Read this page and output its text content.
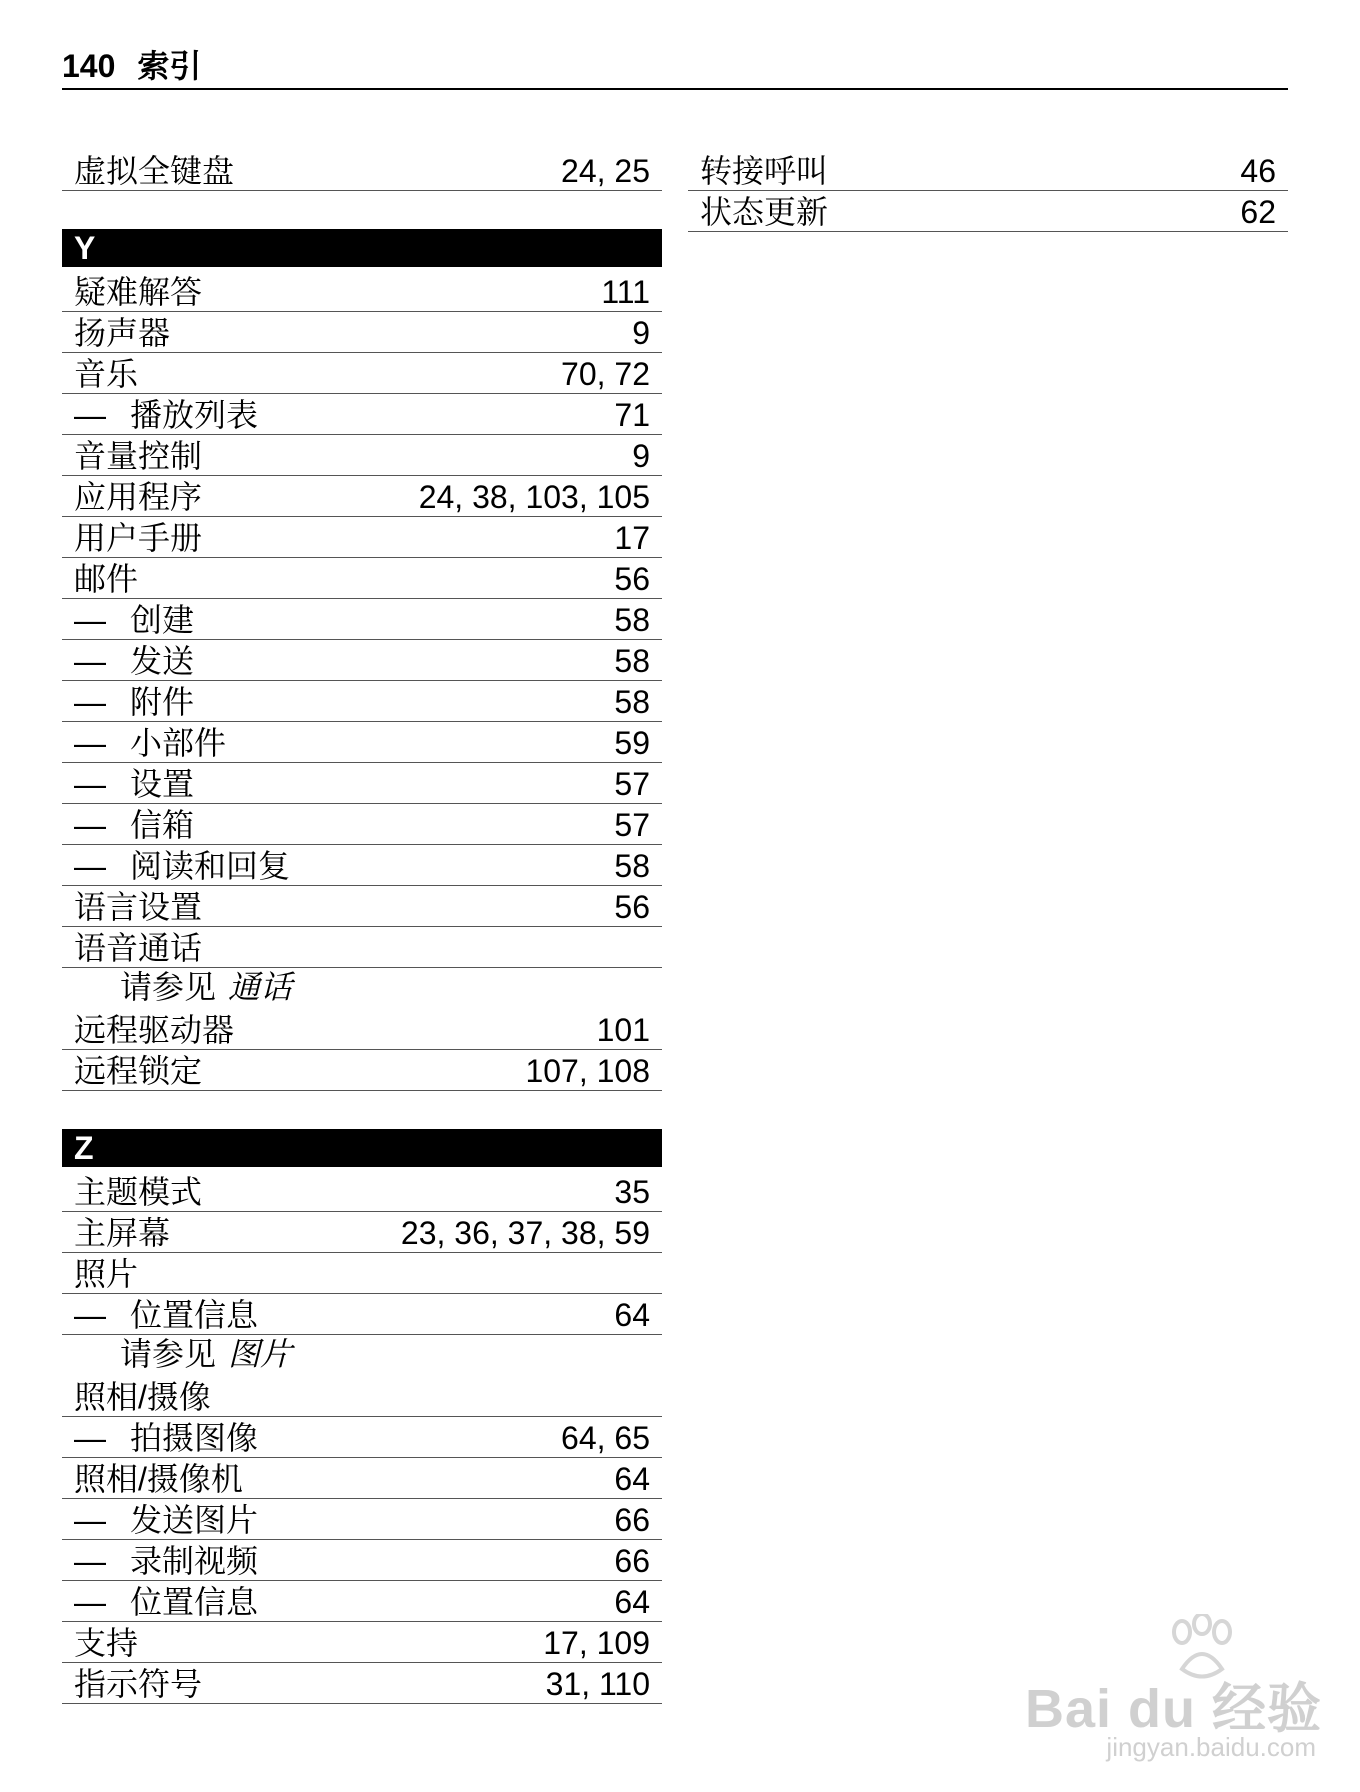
140 索引
虚拟全键盘	24, 25
Y
疑难解答	111
扬声器	9
音乐	70, 72
— 播放列表	71
音量控制	9
应用程序	24, 38, 103, 105
用户手册	17
邮件	56
— 创建	58
— 发送	58
— 附件	58
— 小部件	59
— 设置	57
— 信箱	57
— 阅读和回复	58
语言设置	56
语音通话
请参见 通话
远程驱动器	101
远程锁定	107, 108
Z
主题模式	35
主屏幕	23, 36, 37, 38, 59
照片
— 位置信息	64
请参见 图片
照相/摄像
— 拍摄图像	64, 65
照相/摄像机	64
— 发送图片	66
— 录制视频	66
— 位置信息	64
支持	17, 109
指示符号	31, 110
转接呼叫	46
状态更新	62
Bai du 经验
jingyan.baidu.com
